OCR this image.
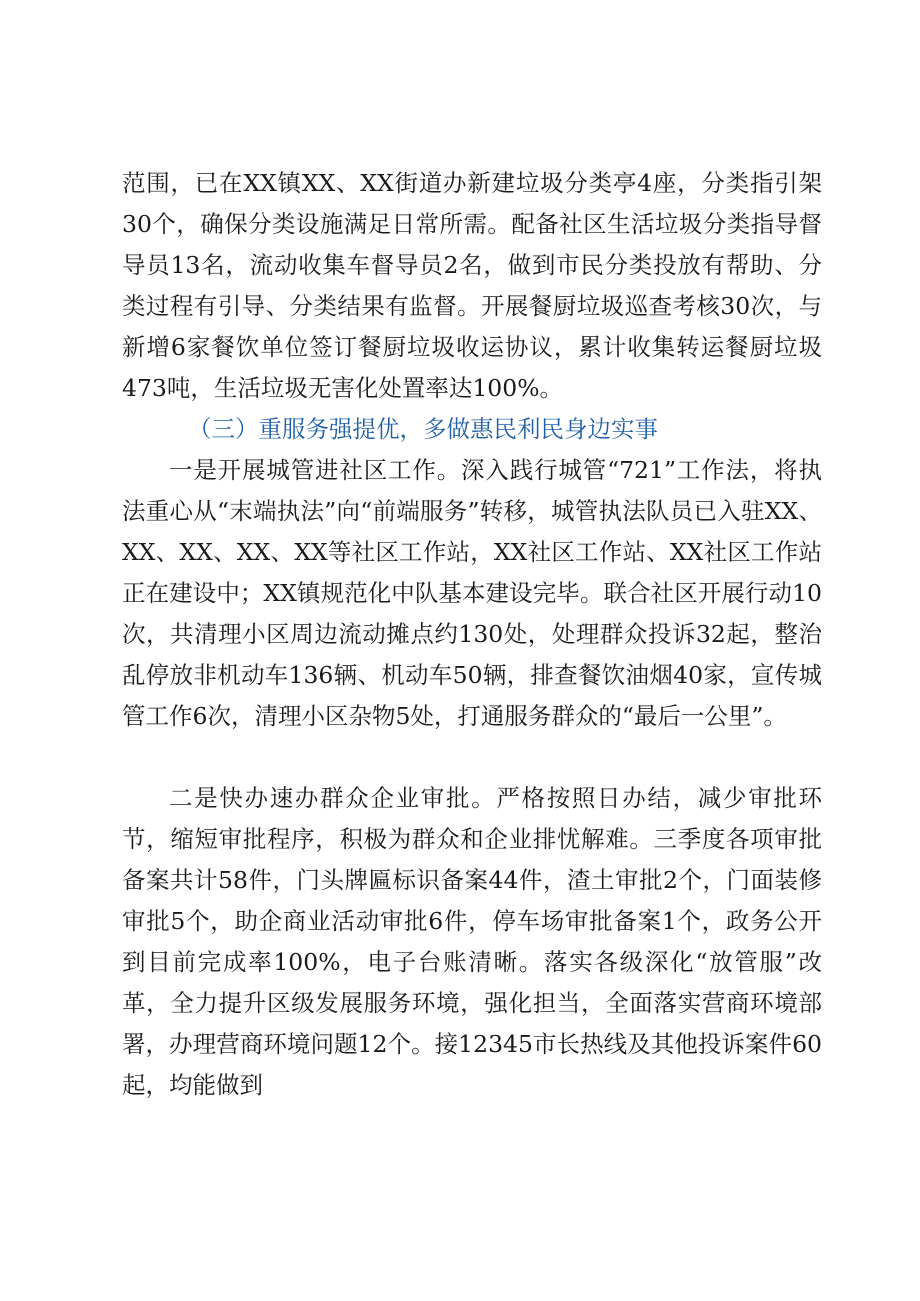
范围，已在XX镇XX、XX街道办新建垃圾分类亭4座，分类指引架30个，确保分类设施满足日常所需。配备社区生活垃圾分类指导督导员13名，流动收集车督导员2名，做到市民分类投放有帮助、分类过程有引导、分类结果有监督。开展餐厨垃圾巡查考核30次，与新增6家餐饮单位签订餐厨垃圾收运协议，累计收集转运餐厨垃圾473吨，生活垃圾无害化处置率达100%。

（三）重服务强提优，多做惠民利民身边实事

一是开展城管进社区工作。深入践行城管“721”工作法，将执法重心从“末端执法”向“前端服务”转移，城管执法队员已入驻XX、XX、XX、XX、XX等社区工作站，XX社区工作站、XX社区工作站正在建设中；XX镇规范化中队基本建设完毕。联合社区开展行动10次，共清理小区周边流动摊点约130处，处理群众投诉32起，整治乱停放非机动车136辆、机动车50辆，排查餐饮油烟40家，宣传城管工作6次，清理小区杂物5处，打通服务群众的“最后一公里”。

二是快办速办群众企业审批。严格按照日办结，减少审批环节，缩短审批程序，积极为群众和企业排忧解难。三季度各项审批备案共计58件，门头牌匾标识备案44件，渣土审批2个，门面装修审批5个，助企商业活动审批6件，停车场审批备案1个，政务公开到目前完成率100%，电子台账清晰。落实各级深化“放管服”改革，全力提升区级发展服务环境，强化担当，全面落实营商环境部署，办理营商环境问题12个。接12345市长热线及其他投诉案件60起，均能做到
